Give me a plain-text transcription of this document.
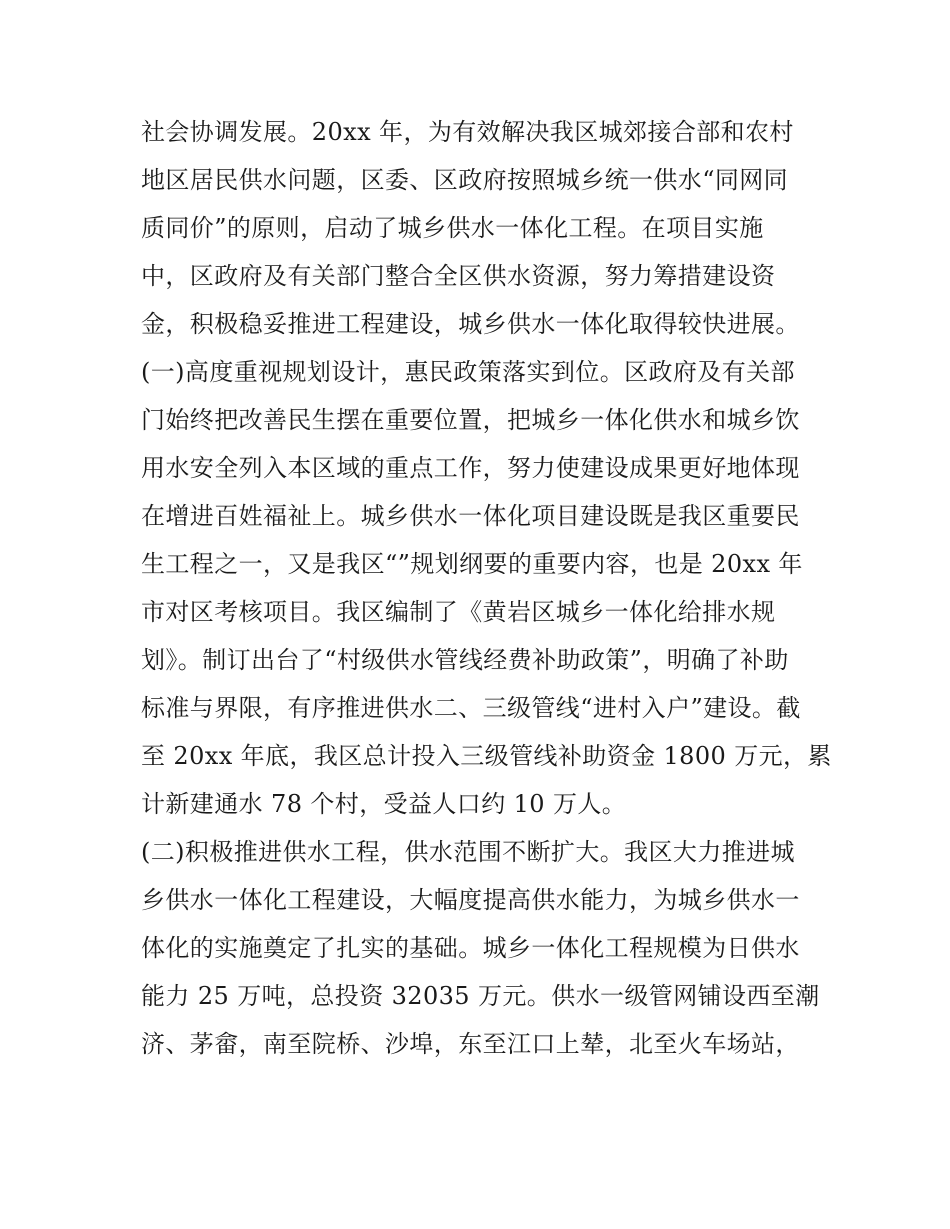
社会协调发展。20xx 年，为有效解决我区城郊接合部和农村
地区居民供水问题，区委、区政府按照城乡统一供水“同网同
质同价”的原则，启动了城乡供水一体化工程。在项目实施
中，区政府及有关部门整合全区供水资源，努力筹措建设资
金，积极稳妥推进工程建设，城乡供水一体化取得较快进展。
(一)高度重视规划设计，惠民政策落实到位。区政府及有关部
门始终把改善民生摆在重要位置，把城乡一体化供水和城乡饮
用水安全列入本区域的重点工作，努力使建设成果更好地体现
在增进百姓福祉上。城乡供水一体化项目建设既是我区重要民
生工程之一，又是我区“”规划纲要的重要内容，也是 20xx 年
市对区考核项目。我区编制了《黄岩区城乡一体化给排水规
划》。制订出台了“村级供水管线经费补助政策”，明确了补助
标准与界限，有序推进供水二、三级管线“进村入户”建设。截
至 20xx 年底，我区总计投入三级管线补助资金 1800 万元，累
计新建通水 78 个村，受益人口约 10 万人。
(二)积极推进供水工程，供水范围不断扩大。我区大力推进城
乡供水一体化工程建设，大幅度提高供水能力，为城乡供水一
体化的实施奠定了扎实的基础。城乡一体化工程规模为日供水
能力 25 万吨，总投资 32035 万元。供水一级管网铺设西至潮
济、茅畲，南至院桥、沙埠，东至江口上辇，北至火车场站，
